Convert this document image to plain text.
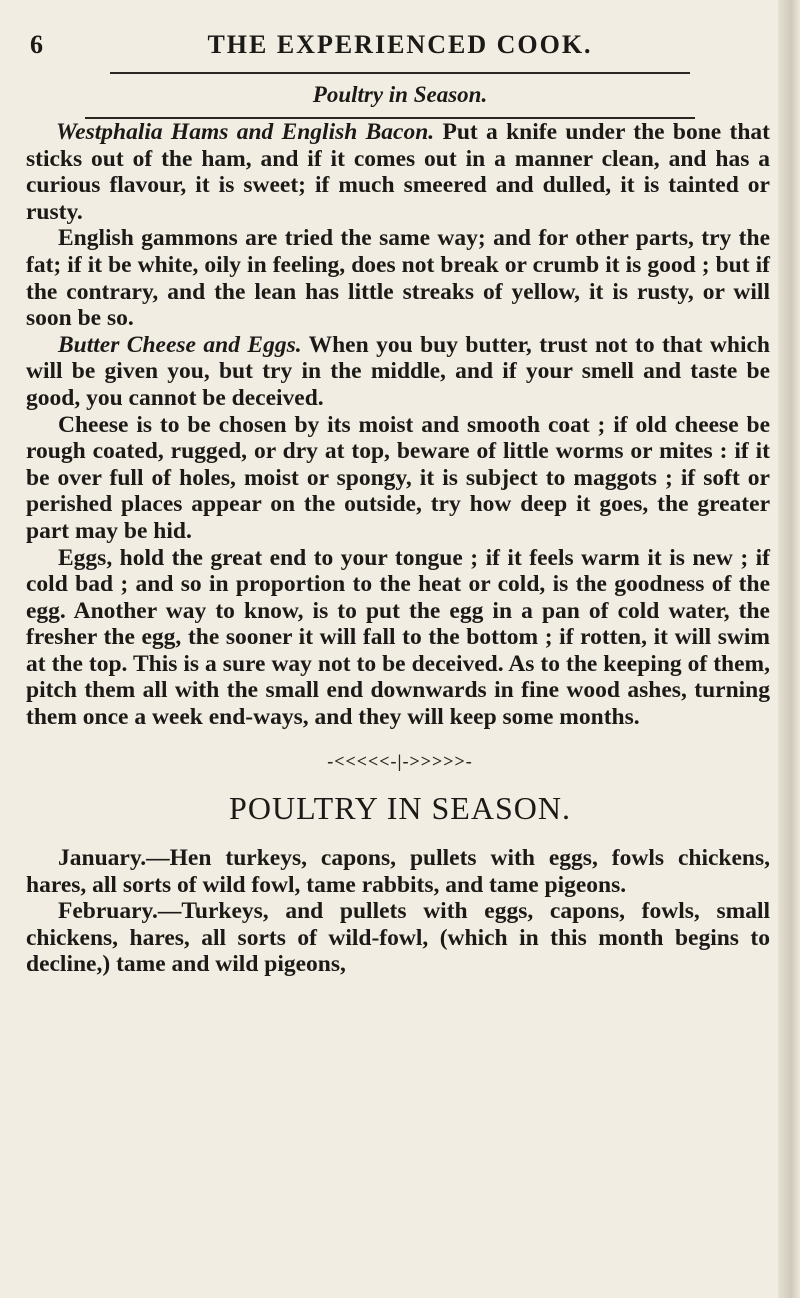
6	THE EXPERIENCED COOK.
Poultry in Season.

Westphalia Hams and English Bacon. Put a knife under the bone that sticks out of the ham, and if it comes out in a manner clean, and has a curious flavour, it is sweet; if much smeered and dulled, it is tainted or rusty.

English gammons are tried the same way; and for other parts, try the fat; if it be white, oily in feeling, does not break or crumb it is good ; but if the contrary, and the lean has little streaks of yellow, it is rusty, or will soon be so.

Butter Cheese and Eggs. When you buy butter, trust not to that which will be given you, but try in the middle, and if your smell and taste be good, you cannot be deceived.

Cheese is to be chosen by its moist and smooth coat ; if old cheese be rough coated, rugged, or dry at top, beware of little worms or mites : if it be over full of holes, moist or spongy, it is subject to maggots ; if soft or perished places appear on the outside, try how deep it goes, the greater part may be hid.

Eggs, hold the great end to your tongue ; if it feels warm it is new ; if cold bad ; and so in proportion to the heat or cold, is the goodness of the egg. Another way to know, is to put the egg in a pan of cold water, the fresher the egg, the sooner it will fall to the bottom ; if rotten, it will swim at the top. This is a sure way not to be deceived. As to the keeping of them, pitch them all with the small end downwards in fine wood ashes, turning them once a week end-ways, and they will keep some months.

-<<<<<-|->>>>>-
POULTRY IN SEASON.

January.—Hen turkeys, capons, pullets with eggs, fowls chickens, hares, all sorts of wild fowl, tame rabbits, and tame pigeons.

February.—Turkeys, and pullets with eggs, capons, fowls, small chickens, hares, all sorts of wild-fowl, (which in this month begins to decline,) tame and wild pigeons,
